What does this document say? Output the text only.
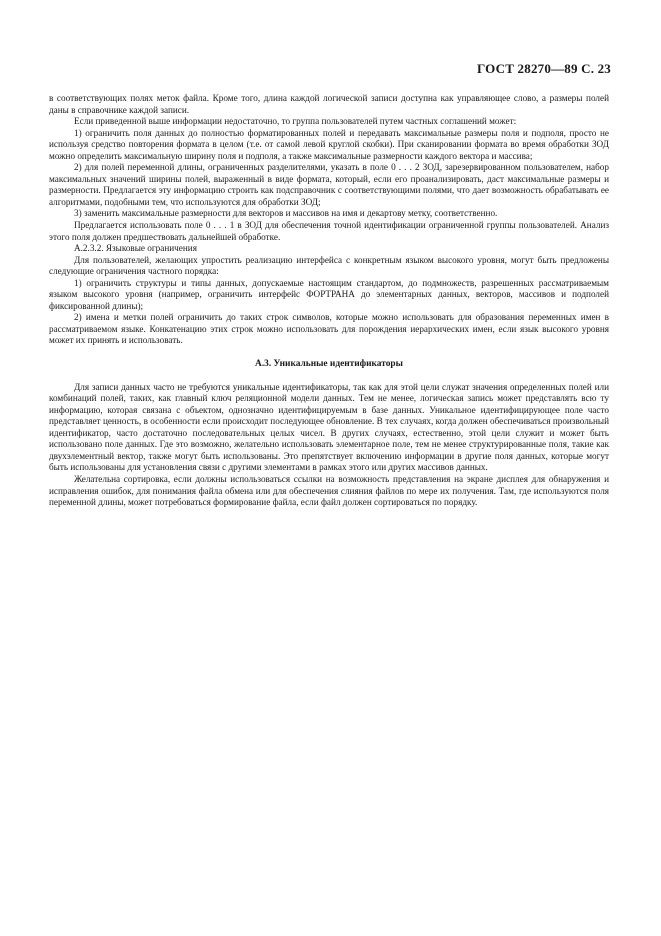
ГОСТ 28270—89 С. 23

в соответствующих полях меток файла. Кроме того, длина каждой логической записи доступна как управляющее слово, а размеры полей даны в справочнике каждой записи.

Если приведенной выше информации недостаточно, то группа пользователей путем частных соглашений может:

1) ограничить поля данных до полностью форматированных полей и передавать максимальные размеры поля и подполя, просто не используя средство повторения формата в целом (т.е. от самой левой круглой скобки). При сканировании формата во время обработки ЗОД можно определить максимальную ширину поля и подполя, а также максимальные размерности каждого вектора и массива;

2) для полей переменной длины, ограниченных разделителями, указать в поле 0 . . . 2 ЗОД, зарезервированном пользователем, набор максимальных значений ширины полей, выраженный в виде формата, который, если его проанализировать, даст максимальные размеры и размерности. Предлагается эту информацию строить как подсправочник с соответствующими полями, что дает возможность обрабатывать ее алгоритмами, подобными тем, что используются для обработки ЗОД;

3) заменить максимальные размерности для векторов и массивов на имя и декартову метку, соответственно.

Предлагается использовать поле 0 . . . 1 в ЗОД для обеспечения точной идентификации ограниченной группы пользователей. Анализ этого поля должен предшествовать дальнейшей обработке.

А.2.3.2. Языковые ограничения

Для пользователей, желающих упростить реализацию интерфейса с конкретным языком высокого уровня, могут быть предложены следующие ограничения частного порядка:

1) ограничить структуры и типы данных, допускаемые настоящим стандартом, до подмножеств, разрешенных рассматриваемым языком высокого уровня (например, ограничить интерфейс ФОРТРАНА до элементарных данных, векторов, массивов и подполей фиксированной длины);

2) имена и метки полей ограничить до таких строк символов, которые можно использовать для образования переменных имен в рассматриваемом языке. Конкатенацию этих строк можно использовать для порождения иерархических имен, если язык высокого уровня может их принять и использовать.

А.3. Уникальные идентификаторы

Для записи данных часто не требуются уникальные идентификаторы, так как для этой цели служат значения определенных полей или комбинаций полей, таких, как главный ключ реляционной модели данных. Тем не менее, логическая запись может представлять всю ту информацию, которая связана с объектом, однозначно идентифицируемым в базе данных. Уникальное идентифицирующее поле часто представляет ценность, в особенности если происходит последующее обновление. В тех случаях, когда должен обеспечиваться произвольный идентификатор, часто достаточно последовательных целых чисел. В других случаях, естественно, этой цели служит и может быть использовано поле данных. Где это возможно, желательно использовать элементарное поле, тем не менее структурированные поля, такие как двухэлементный вектор, также могут быть использованы. Это препятствует включению информации в другие поля данных, которые могут быть использованы для установления связи с другими элементами в рамках этого или других массивов данных.

Желательна сортировка, если должны использоваться ссылки на возможность представления на экране дисплея для обнаружения и исправления ошибок, для понимания файла обмена или для обеспечения слияния файлов по мере их получения. Там, где используются поля переменной длины, может потребоваться формирование файла, если файл должен сортироваться по порядку.
